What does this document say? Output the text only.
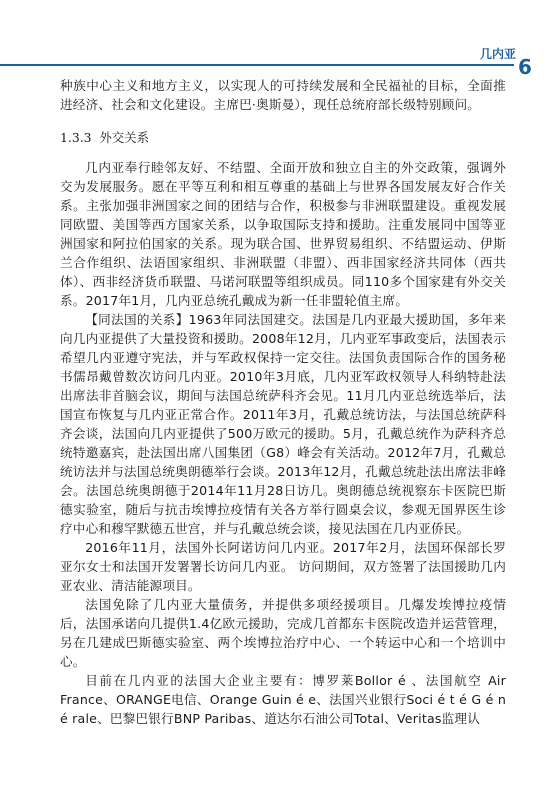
几内亚
6

种族中心主义和地方主义，以实现人的可持续发展和全民福祉的目标，全面推进经济、社会和文化建设。主席巴·奥斯曼），现任总统府部长级特别顾问。

1.3.3 外交关系

几内亚奉行睦邻友好、不结盟、全面开放和独立自主的外交政策，强调外交为发展服务。愿在平等互利和相互尊重的基础上与世界各国发展友好合作关系。主张加强非洲国家之间的团结与合作，积极参与非洲联盟建设。重视发展同欧盟、美国等西方国家关系，以争取国际支持和援助。注重发展同中国等亚洲国家和阿拉伯国家的关系。现为联合国、世界贸易组织、不结盟运动、伊斯兰合作组织、法语国家组织、非洲联盟（非盟）、西非国家经济共同体（西共体）、西非经济货币联盟、马诺河联盟等组织成员。同110多个国家建有外交关系。2017年1月，几内亚总统孔戴成为新一任非盟轮值主席。

【同法国的关系】1963年同法国建交。法国是几内亚最大援助国，多年来向几内亚提供了大量投资和援助。2008年12月，几内亚军事政变后，法国表示希望几内亚遵守宪法，并与军政权保持一定交往。法国负责国际合作的国务秘书儒昂戴曾数次访问几内亚。2010年3月底，几内亚军政权领导人科纳特赴法出席法非首脑会议，期间与法国总统萨科齐会见。11月几内亚总统选举后，法国宣布恢复与几内亚正常合作。2011年3月，孔戴总统访法，与法国总统萨科齐会谈，法国向几内亚提供了500万欧元的援助。5月，孔戴总统作为萨科齐总统特邀嘉宾，赴法国出席八国集团（G8）峰会有关活动。2012年7月，孔戴总统访法并与法国总统奥朗德举行会谈。2013年12月，孔戴总统赴法出席法非峰会。法国总统奥朗德于2014年11月28日访几。奥朗德总统视察东卡医院巴斯德实验室，随后与抗击埃博拉疫情有关各方举行圆桌会议，参观无国界医生诊疗中心和穆罕默德五世宫，并与孔戴总统会谈，接见法国在几内亚侨民。

2016年11月，法国外长阿诺访问几内亚。2017年2月，法国环保部长罗亚尔女士和法国开发署署长访问几内亚。 访问期间，双方签署了法国援助几内亚农业、清洁能源项目。

法国免除了几内亚大量债务，并提供多项经援项目。几爆发埃博拉疫情后，法国承诺向几提供1.4亿欧元援助，完成几首都东卡医院改造并运营管理，另在几建成巴斯德实验室、两个埃博拉治疗中心、一个转运中心和一个培训中心。

目前在几内亚的法国大企业主要有：博罗莱Bollor é 、法国航空 Air France、ORANGE电信、Orange Guin é e、法国兴业银行Soci é t é G é n é rale、巴黎巴银行BNP Paribas、道达尔石油公司Total、Veritas监理认
